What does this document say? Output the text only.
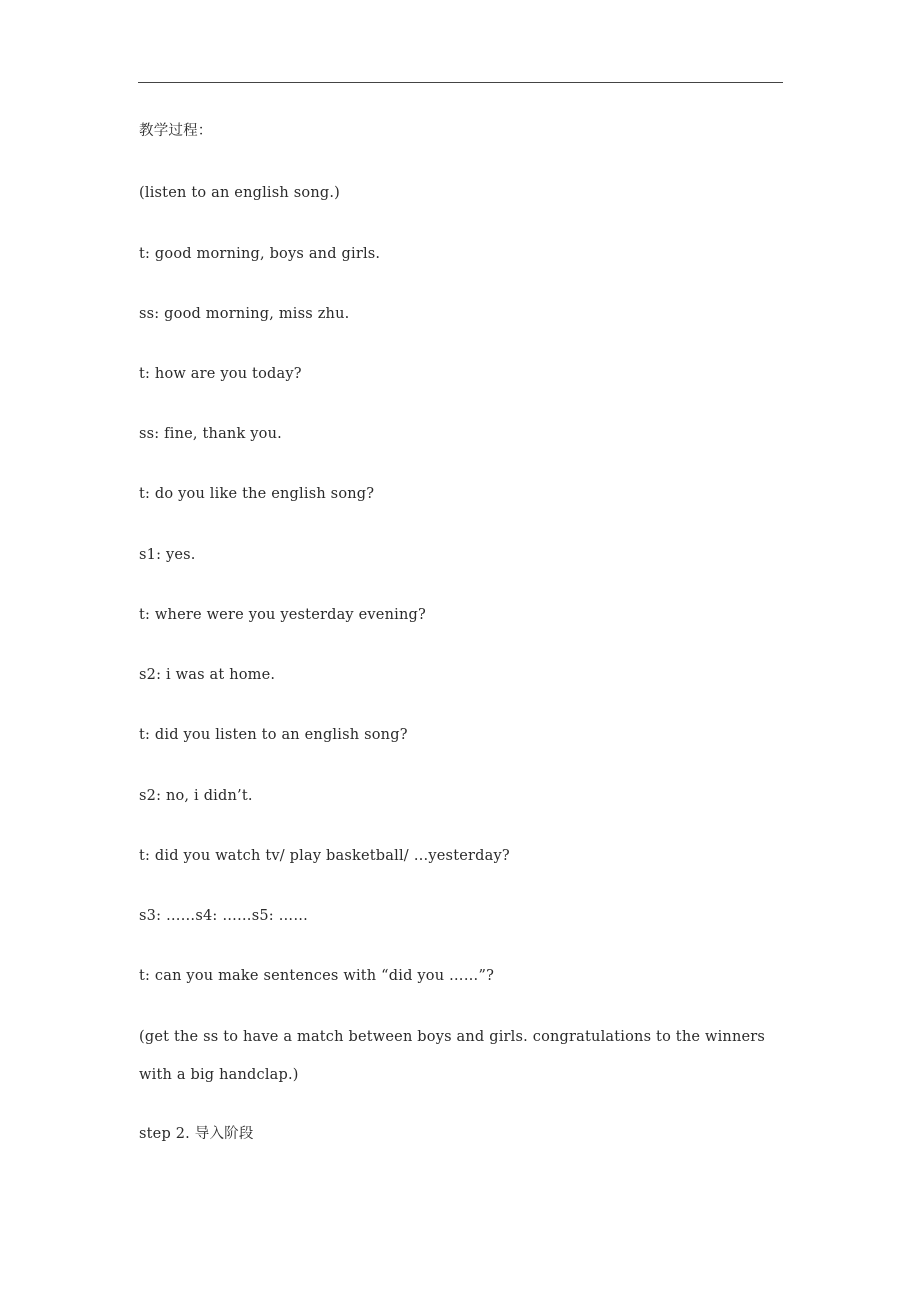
教学过程：
(listen to an english song.)
t: good morning, boys and girls.
ss: good morning, miss zhu.
t: how are you today?
ss: fine, thank you.
t: do you like the english song?
s1: yes.
t: where were you yesterday evening?
s2: i was at home.
t: did you listen to an english song?
s2: no, i didn’t.
t: did you watch tv/ play basketball/ …yesterday?
s3: ……s4: ……s5: ……
t: can you make sentences with “did you ……”?
(get the ss to have a match between boys and girls. congratulations to the winners with a big handclap.)
step 2. 导入阶段
